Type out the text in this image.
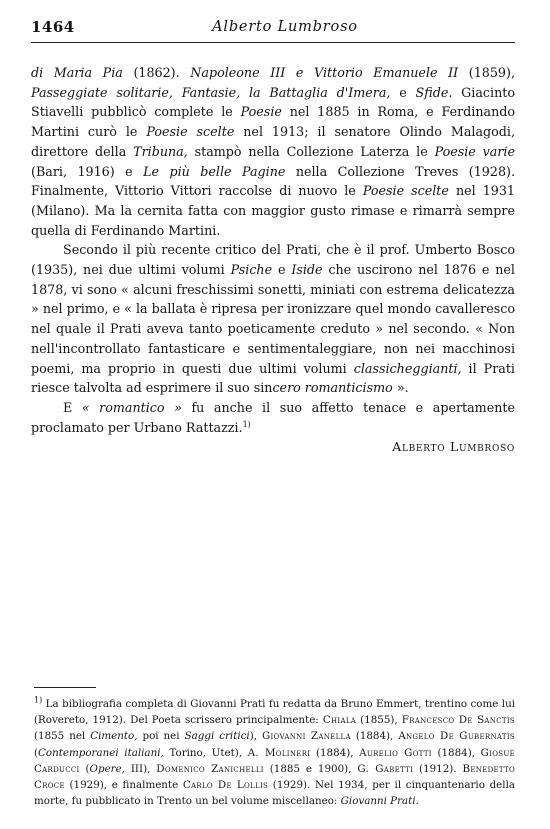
1464	Alberto Lumbroso

di Maria Pia (1862). Napoleone III e Vittorio Emanuele II (1859), Passeggiate solitarie, Fantasie, la Battaglia d'Imera, e Sfide. Giacinto Stiavelli pubblicò complete le Poesie nel 1885 in Roma, e Ferdinando Martini curò le Poesie scelte nel 1913; il senatore Olindo Malagodi, direttore della Tribuna, stampò nella Collezione Laterza le Poesie varie (Bari, 1916) e Le più belle Pagine nella Collezione Treves (1928). Finalmente, Vittorio Vittori raccolse di nuovo le Poesie scelte nel 1931 (Milano). Ma la cernita fatta con maggior gusto rimase e rimarrà sempre quella di Ferdinando Martini.

Secondo il più recente critico del Prati, che è il prof. Umberto Bosco (1935), nei due ultimi volumi Psiche e Iside che uscirono nel 1876 e nel 1878, vi sono « alcuni freschissimi sonetti, miniati con estrema delicatezza » nel primo, e « la ballata è ripresa per ironizzare quel mondo cavalleresco nel quale il Prati aveva tanto poeticamente creduto » nel secondo. « Non nell'incontrollato fantasticare e sentimentaleggiare, non nei macchinosi poemi, ma proprio in questi due ultimi volumi classicheggianti, il Prati riesce talvolta ad esprimere il suo sincero romanticismo ».

E « romantico » fu anche il suo affetto tenace e apertamente proclamato per Urbano Rattazzi.$^{1)}$

Alberto Lumbroso

$^{1)}$ La bibliografia completa di Giovanni Prati fu redatta da Bruno Emmert, trentino come lui (Rovereto, 1912). Del Poeta scrissero principalmente: Chiala (1855), Francesco De Sanctis (1855 nel Cimento, poi nei Saggi critici), Giovanni Zanella (1884), Angelo De Gubernatis (Contemporanei italiani, Torino, Utet), A. Molineri (1884), Aurelio Gotti (1884), Giosuè Carducci (Opere, III), Domenico Zanichelli (1885 e 1900), G. Gabetti (1912). Benedetto Croce (1929), e finalmente Carlo De Lollis (1929). Nel 1934, per il cinquantenario della morte, fu pubblicato in Trento un bel volume miscellaneo: Giovanni Prati.
